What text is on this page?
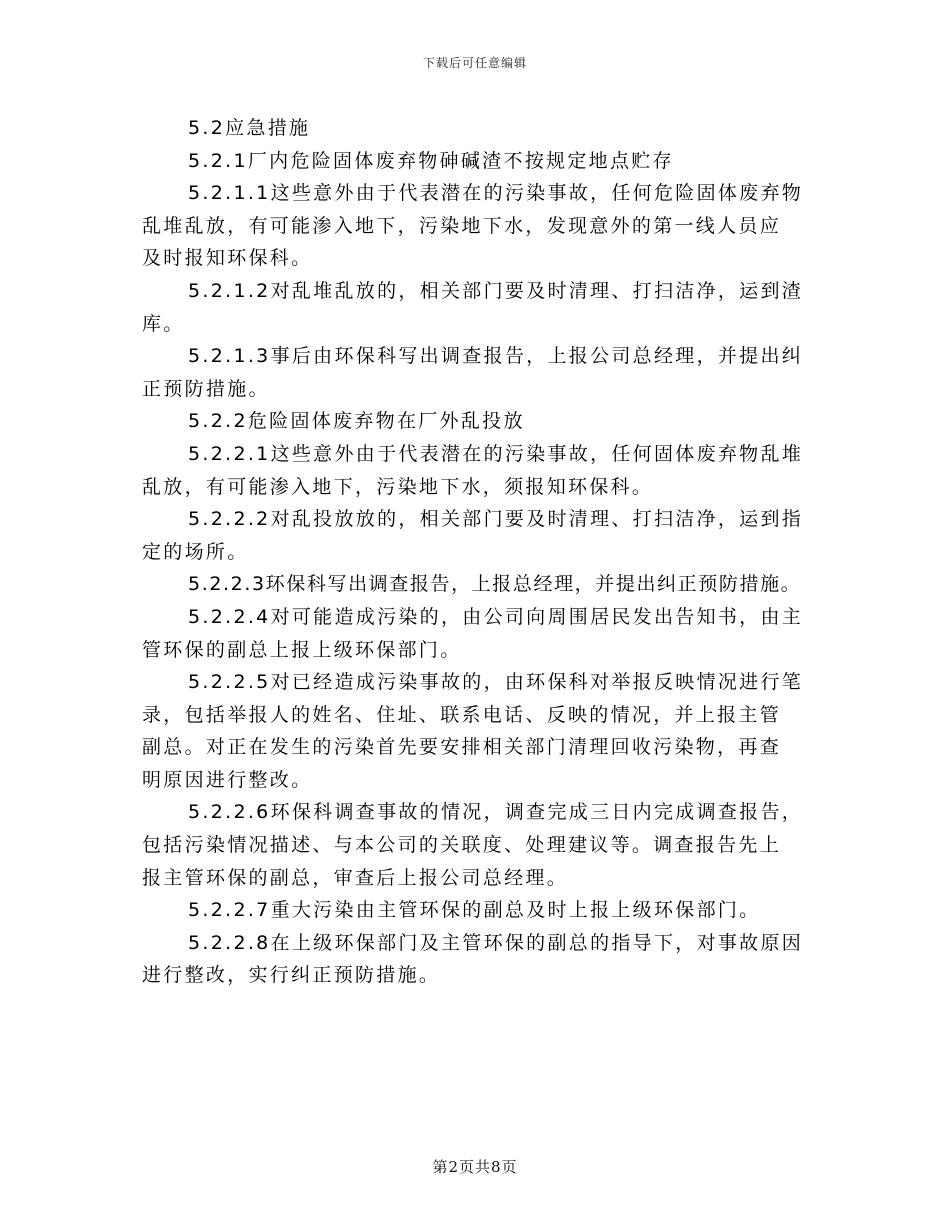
下载后可任意编辑

5.2应急措施

5.2.1厂内危险固体废弃物砷碱渣不按规定地点贮存

5.2.1.1这些意外由于代表潜在的污染事故，任何危险固体废弃物

乱堆乱放，有可能渗入地下，污染地下水，发现意外的第一线人员应

及时报知环保科。

5.2.1.2对乱堆乱放的，相关部门要及时清理、打扫洁净，运到渣

库。

5.2.1.3事后由环保科写出调查报告，上报公司总经理，并提出纠

正预防措施。

5.2.2危险固体废弃物在厂外乱投放

5.2.2.1这些意外由于代表潜在的污染事故，任何固体废弃物乱堆

乱放，有可能渗入地下，污染地下水，须报知环保科。

5.2.2.2对乱投放放的，相关部门要及时清理、打扫洁净，运到指

定的场所。

5.2.2.3环保科写出调查报告，上报总经理，并提出纠正预防措施。

5.2.2.4对可能造成污染的，由公司向周围居民发出告知书，由主

管环保的副总上报上级环保部门。

5.2.2.5对已经造成污染事故的，由环保科对举报反映情况进行笔

录，包括举报人的姓名、住址、联系电话、反映的情况，并上报主管

副总。对正在发生的污染首先要安排相关部门清理回收污染物，再查

明原因进行整改。

5.2.2.6环保科调查事故的情况，调查完成三日内完成调查报告，

包括污染情况描述、与本公司的关联度、处理建议等。调查报告先上

报主管环保的副总，审查后上报公司总经理。

5.2.2.7重大污染由主管环保的副总及时上报上级环保部门。

5.2.2.8在上级环保部门及主管环保的副总的指导下，对事故原因

进行整改，实行纠正预防措施。

第2页共8页
